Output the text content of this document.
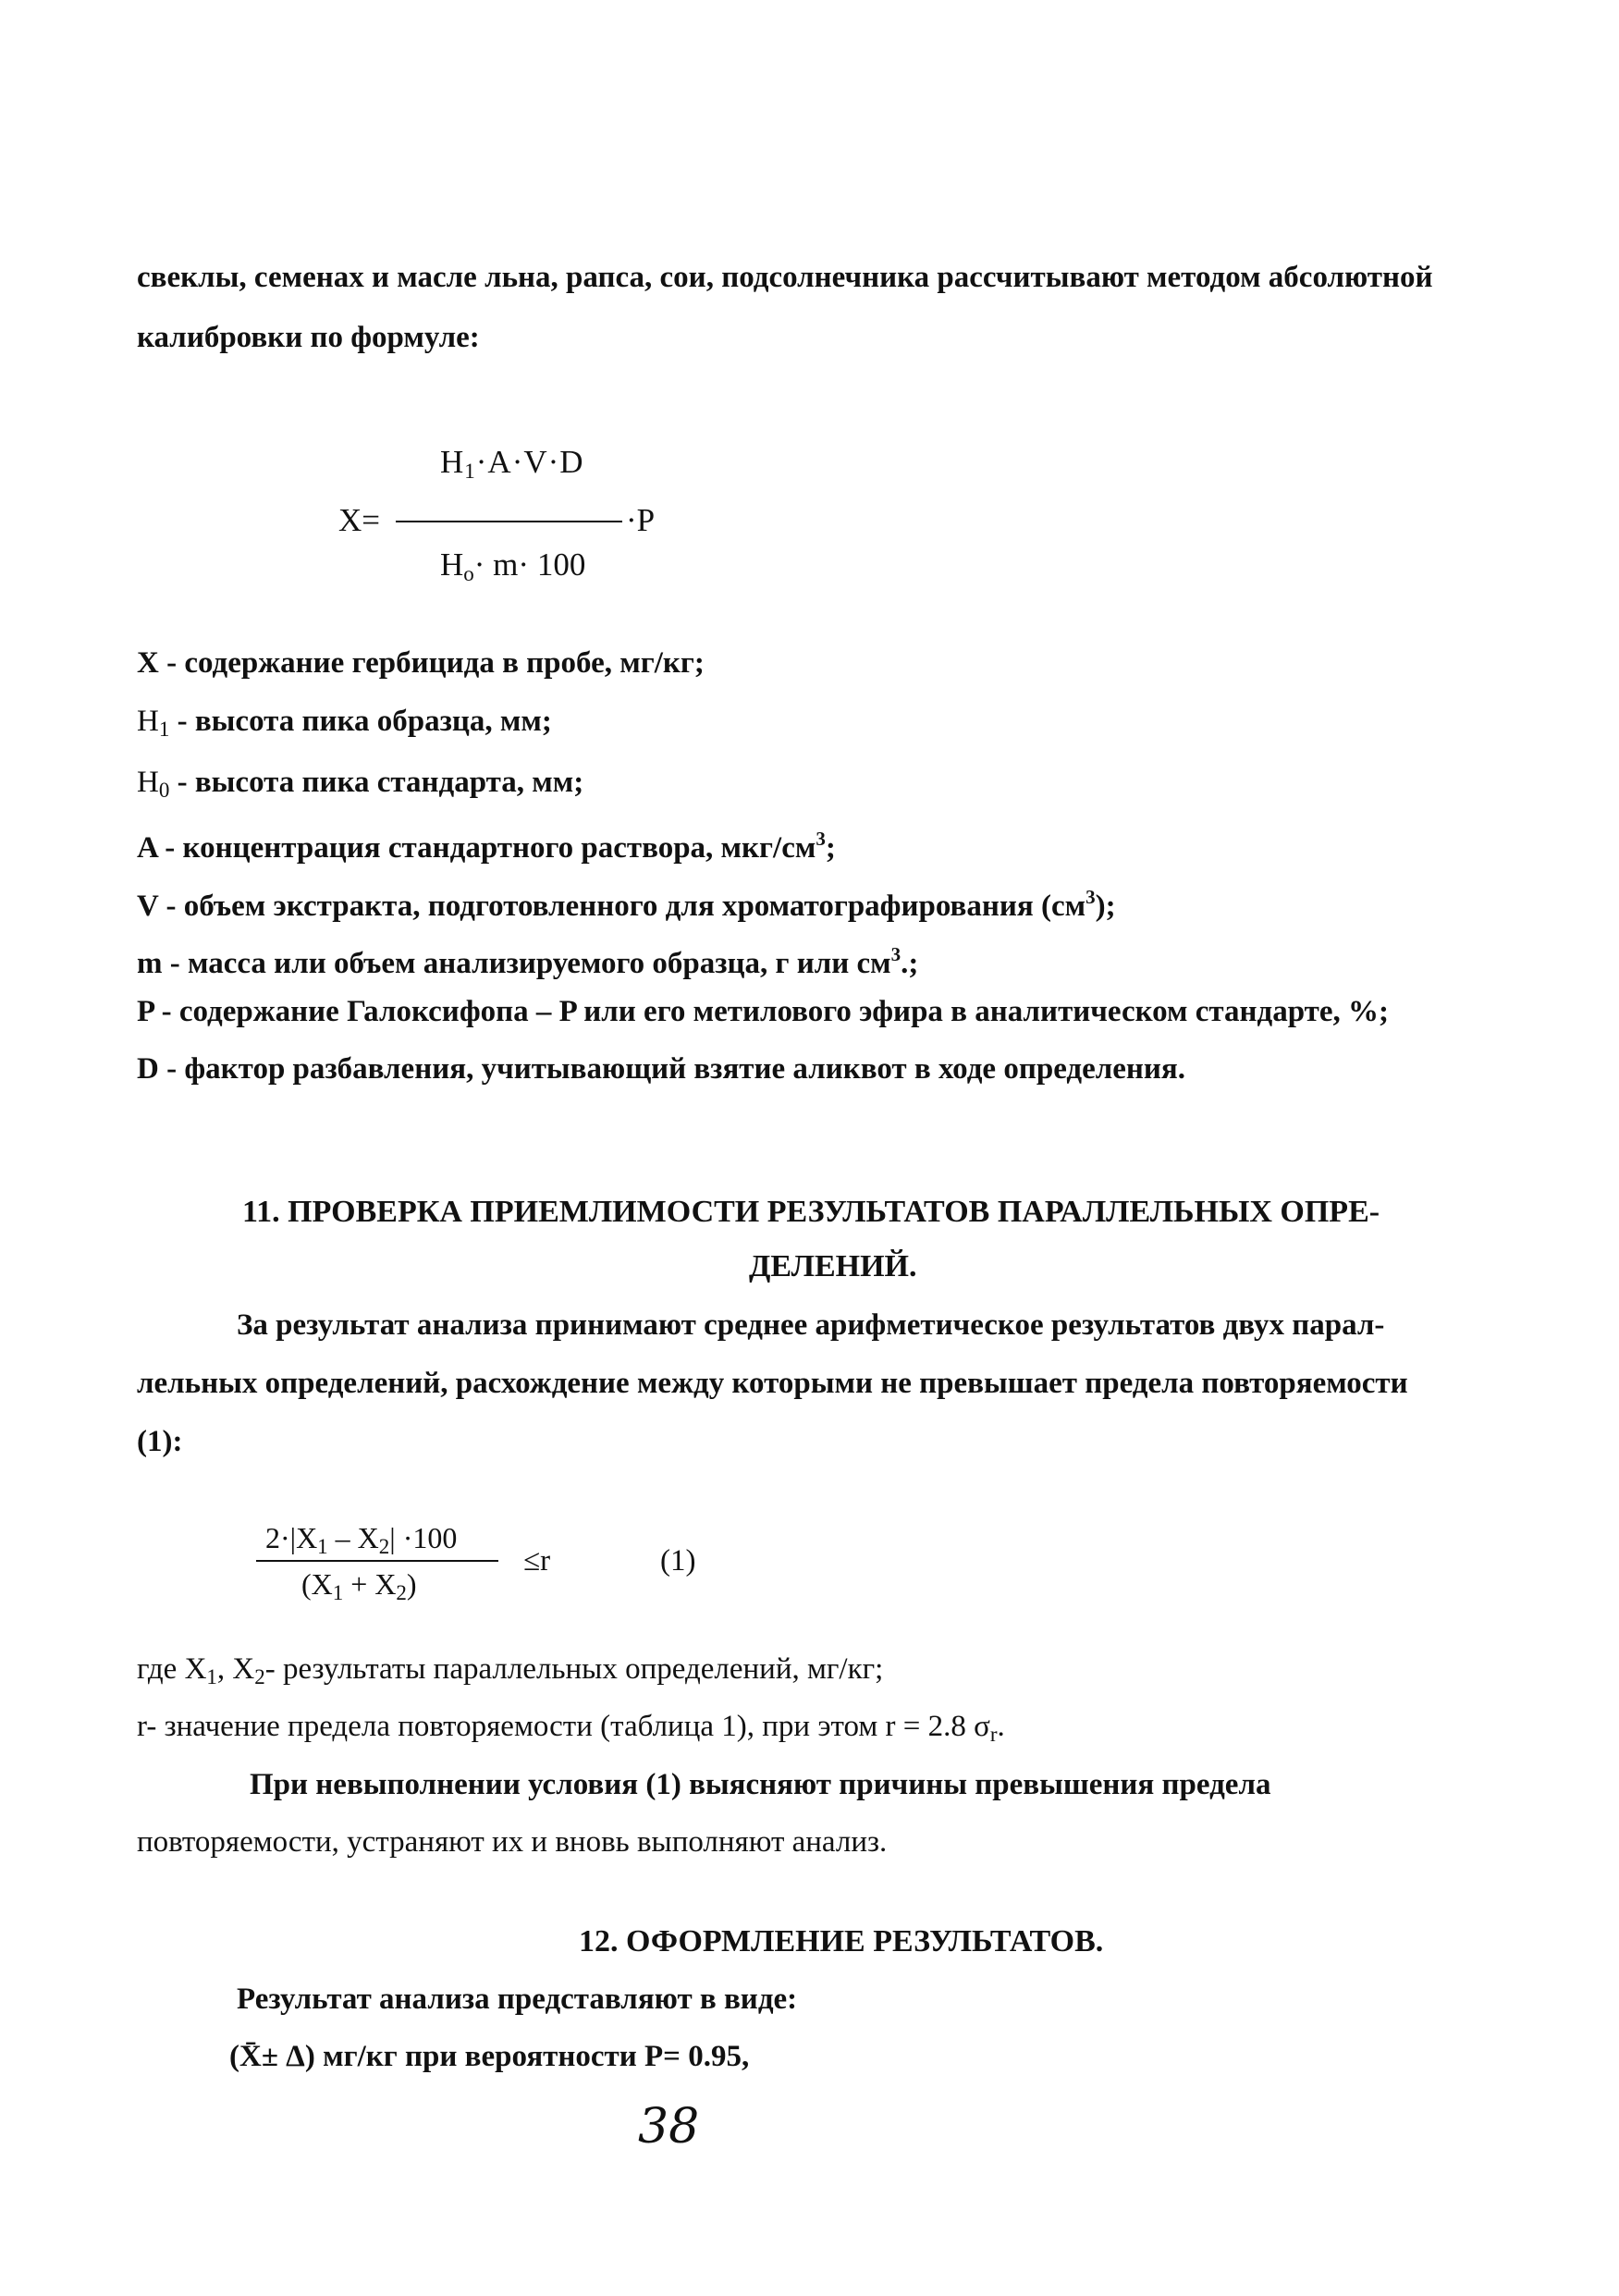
свеклы, семенах и масле льна, рапса, сои, подсолнечника рассчитывают методом абсолютной
калибровки по формуле:
$H_1\cdot A\cdot V\cdot D$
X=	·P
$H_o\cdot m\cdot 100$
X - содержание гербицида в пробе, мг/кг;
$H_1$ - высота пика образца, мм;
$H_0$ - высота пика стандарта, мм;
A - концентрация стандартного раствора, мкг/$см^3$;
V - объем экстракта, подготовленного для хроматографирования $(см^3)$;
m - масса или объем анализируемого образца, г или $см^3$.;
P - содержание Галоксифопа – P или его метилового эфира в аналитическом стандарте, %;
D - фактор разбавления, учитывающий взятие аликвот в ходе определения.
11. ПРОВЕРКА ПРИЕМЛИМОСТИ РЕЗУЛЬТАТОВ ПАРАЛЛЕЛЬНЫХ ОПРЕ-
ДЕЛЕНИЙ.
За результат анализа принимают среднее арифметическое результатов двух парал-
лельных определений, расхождение между которыми не превышает предела повторяемости
(1):
$2\cdot|X_1 - X_2| \cdot 100$
$(X_1 + X_2)$
≤r	(1)
где $X_1$, $X_2-$ результаты параллельных определений, мг/кг;
r- значение предела повторяемости (таблица 1), при этом r = 2.8 $\sigma_r$.
При невыполнении условия (1) выясняют причины превышения предела
повторяемости, устраняют их и вновь выполняют анализ.
12. ОФОРМЛЕНИЕ РЕЗУЛЬТАТОВ.
Результат анализа представляют в виде:
(X̄± Δ) мг/кг при вероятности P= 0.95,
38
